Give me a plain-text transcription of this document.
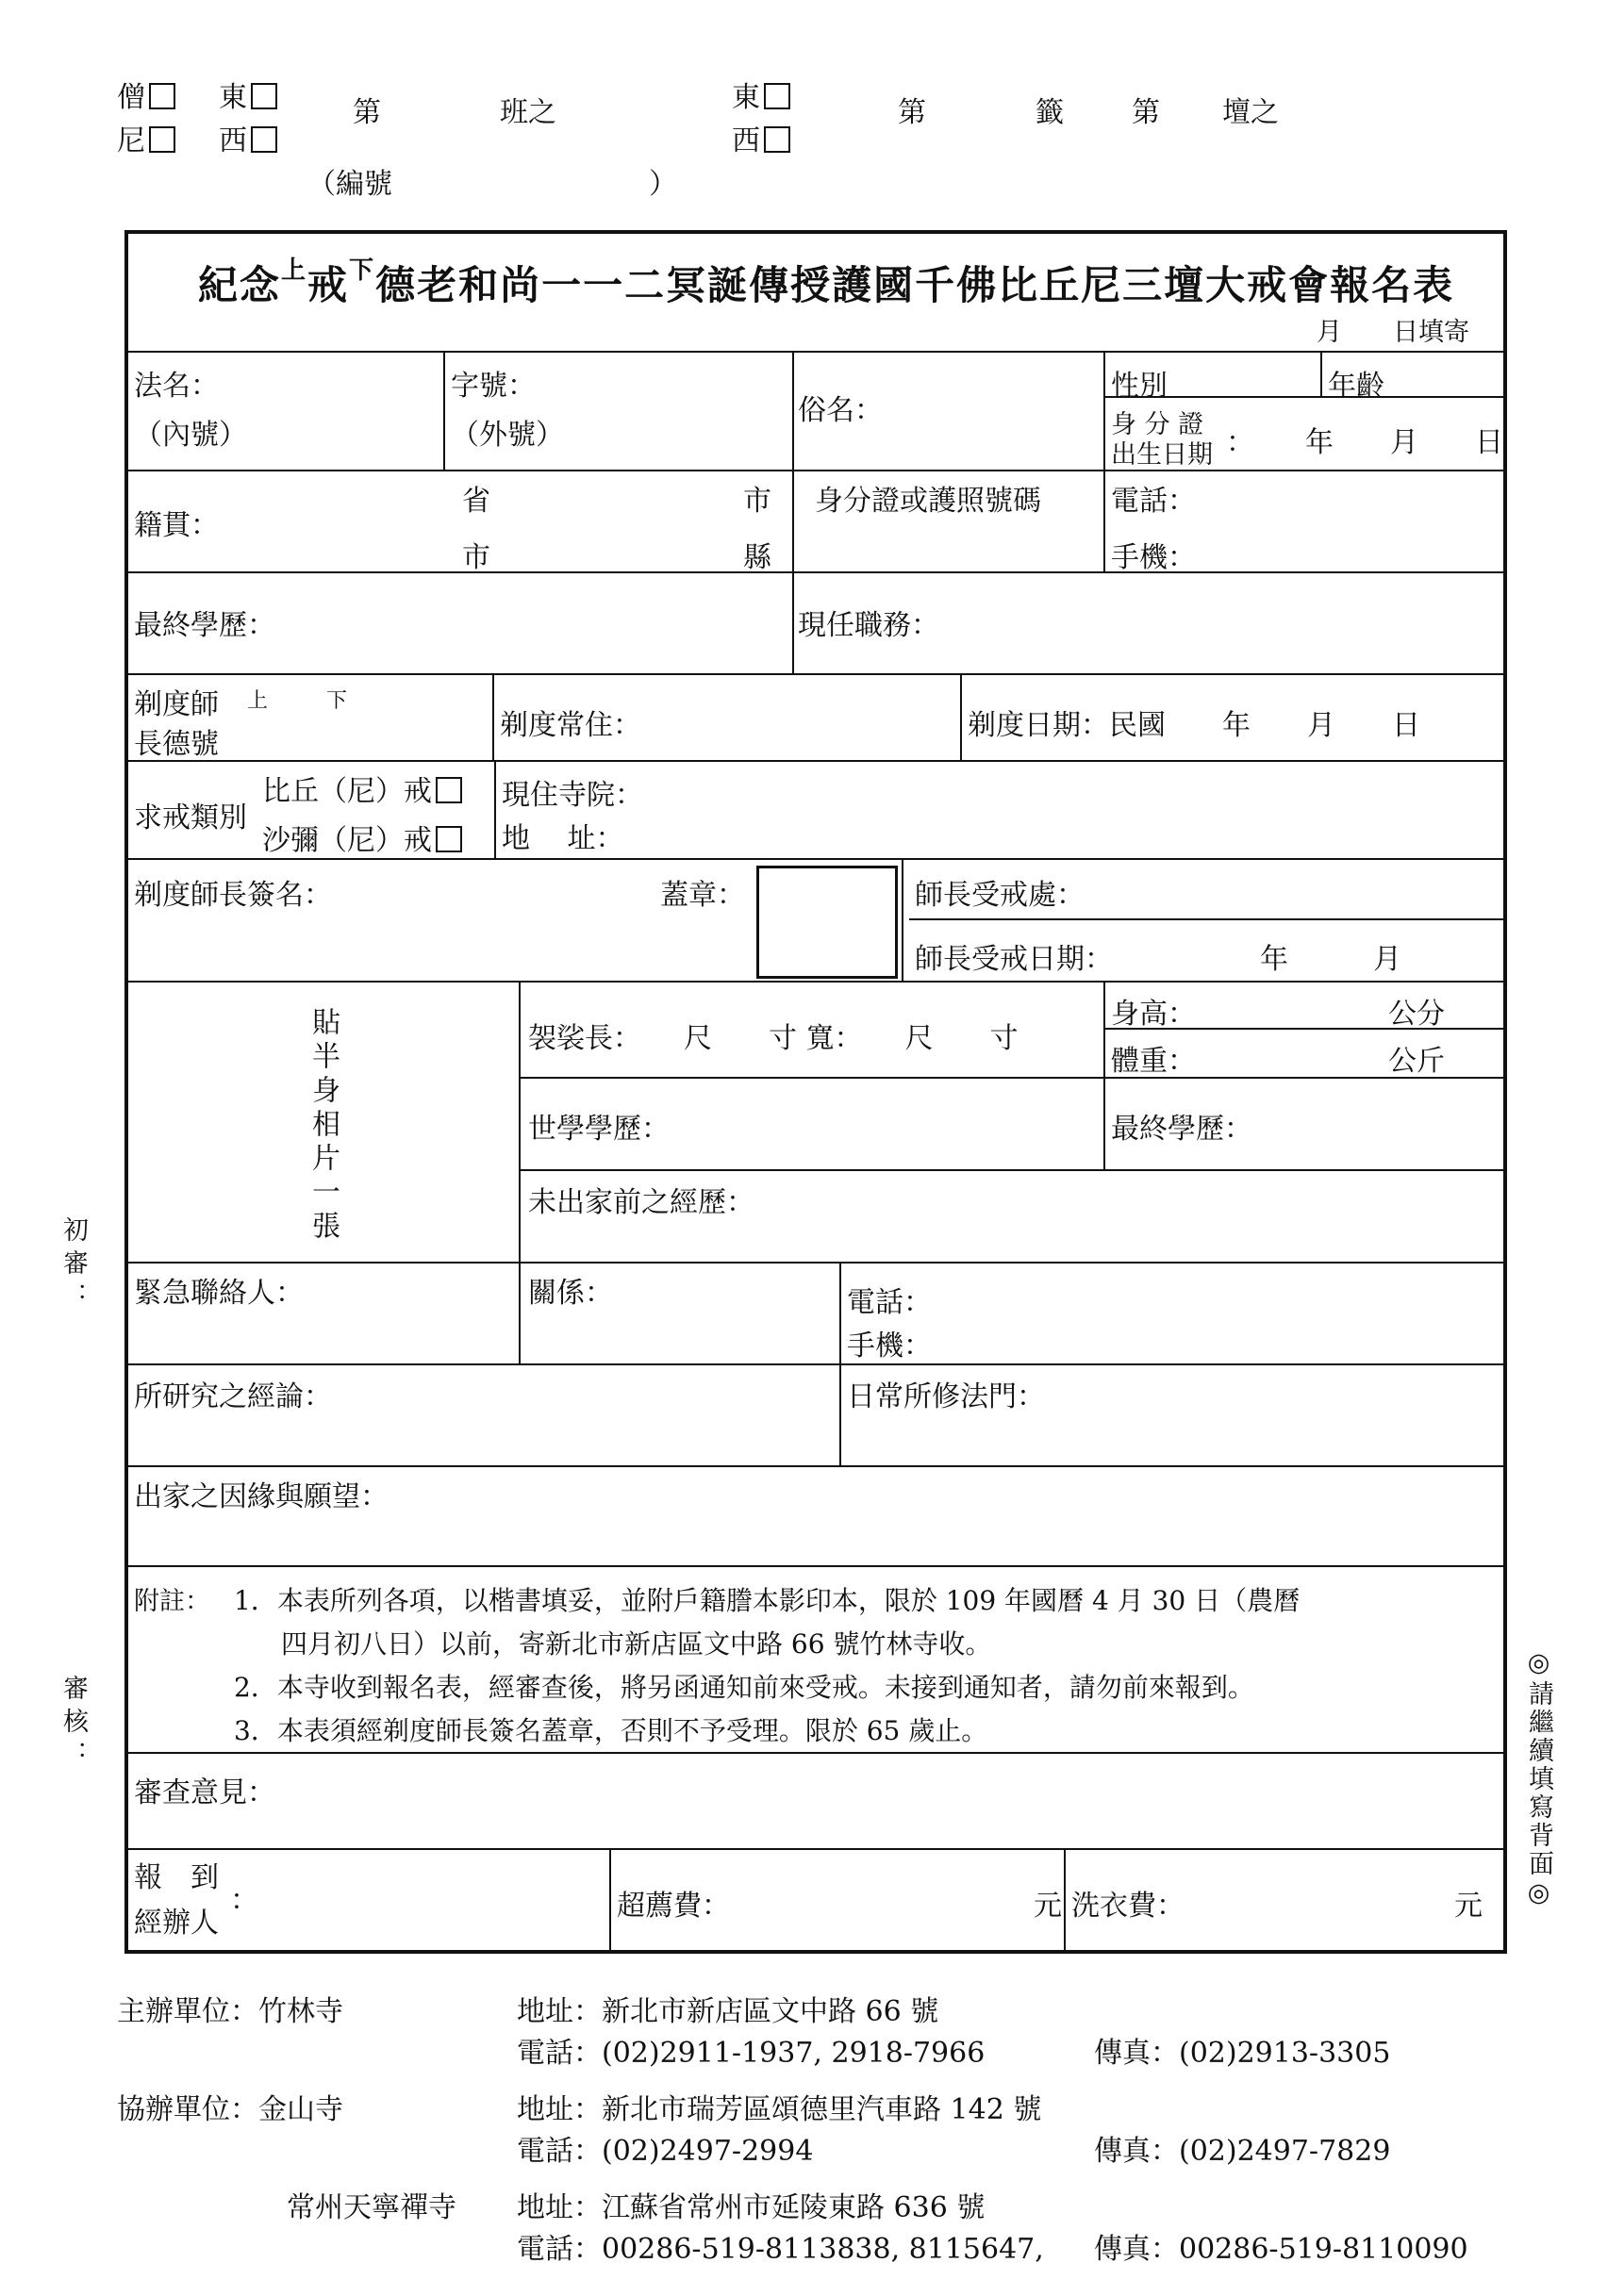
僧
尼
東
西
第	班之	東
西
第	籤 第 壇之
（編號	）
初審：
審核：	◎請繼續填寫背面◎
紀念$^上$戒$^下$德老和尚一一二冥誕傳授護國千佛比丘尼三壇大戒會報名表
月　　日填寄
法名：
（內號）
字號：
（外號）
俗名：
性別	年齡
身 分 證
出生日期 ： 年　　月　　日
籍貫：
省	市
市	縣
身分證或護照號碼 電話：
手機：
最終學歷：	現任職務：
剃度師 上	下
長德號
剃度常住：	剃度日期：民國　　年　　月　　日
求戒類別
比丘（尼）戒
沙彌（尼）戒
現住寺院：
地　 址：
剃度師長簽名：	蓋章：	師長受戒處：
師長受戒日期：	年　　　月
貼半身相片一張	袈裟長：　　尺　　寸 寬：　　尺　　寸
身高：	公分
體重：	公斤
世學學歷：	最終學歷：
未出家前之經歷：
緊急聯絡人：	關係：	電話：
手機：
所研究之經論：	日常所修法門：
出家之因緣與願望：
附註： 1．本表所列各項，以楷書填妥，並附戶籍謄本影印本，限於 109 年國曆 4 月 30 日（農曆
四月初八日）以前，寄新北市新店區文中路 66 號竹林寺收。
2．本寺收到報名表，經審查後，將另函通知前來受戒。未接到通知者，請勿前來報到。
3．本表須經剃度師長簽名蓋章，否則不予受理。限於 65 歲止。
審查意見：
報　到
經辦人
：	超薦費：	元 洗衣費：	元
主辦單位：竹林寺	地址：新北市新店區文中路 66 號
電話：(02)2911-1937, 2918-7966	傳真：(02)2913-3305
協辦單位：金山寺	地址：新北市瑞芳區頌德里汽車路 142 號
電話：(02)2497-2994	傳真：(02)2497-7829
常州天寧禪寺 地址：江蘇省常州市延陵東路 636 號
電話：00286-519-8113838, 8115647, 傳真：00286-519-8110090
